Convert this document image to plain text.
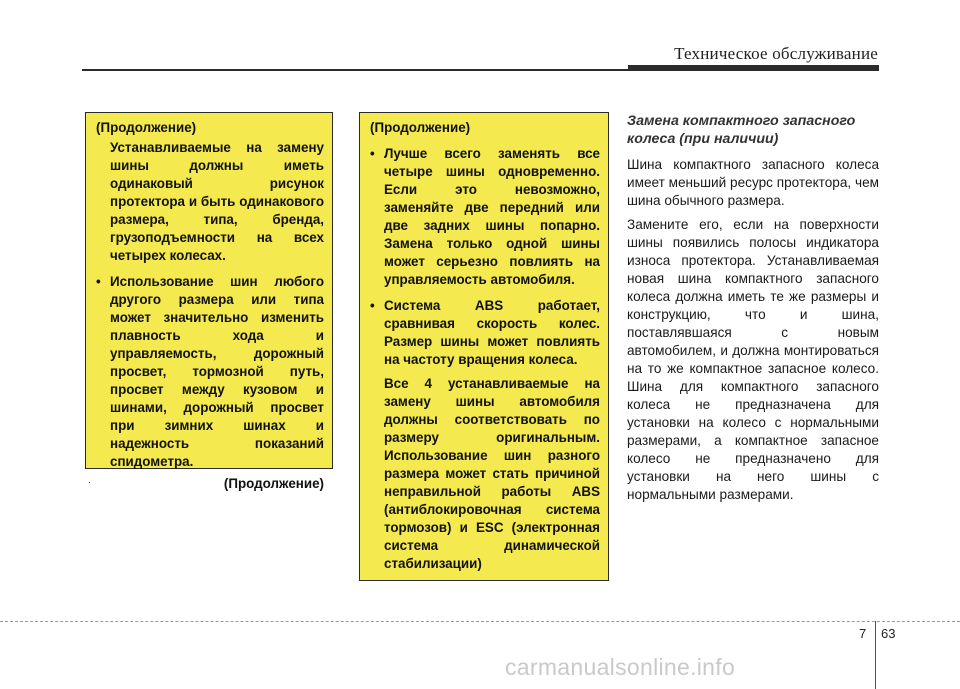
Техническое обслуживание
(Продолжение)

Устанавливаемые на замену шины должны иметь одинаковый рисунок протектора и быть одинакового размера, типа, бренда, грузоподъемности на всех четырех колесах.

• Использование шин любого другого размера или типа может значительно изменить плавность хода и управляемость, дорожный просвет, тормозной путь, просвет между кузовом и шинами, дорожный просвет при зимних шинах и надежность показаний спидометра.
(Продолжение)
·
(Продолжение)
• Лучше всего заменять все четыре шины одновременно. Если это невозможно, заменяйте две передний или две задних шины попарно. Замена только одной шины может серьезно повлиять на управляемость автомобиля.
• Система ABS работает, сравнивая скорость колес. Размер шины может повлиять на частоту вращения колеса.

Все 4 устанавливаемые на замену шины автомобиля должны соответствовать по размеру оригинальным. Использование шин разного размера может стать причиной неправильной работы ABS (антиблокировочная система тормозов) и ESC (электронная система динамической стабилизации)

Замена компактного запасного колеса (при наличии)

Шина компактного запасного колеса имеет меньший ресурс протектора, чем шина обычного размера.

Замените его, если на поверхности шины появились полосы индикатора износа протектора. Устанавливаемая новая шина компактного запасного колеса должна иметь те же размеры и конструкцию, что и шина, поставлявшаяся с новым автомобилем, и должна монтироваться на то же компактное запасное колесо. Шина для компактного запасного колеса не предназначена для установки на колесо с нормальными размерами, а компактное запасное колесо не предназначено для установки на него шины с нормальными размерами.

7 63
carmanualsonline.info
